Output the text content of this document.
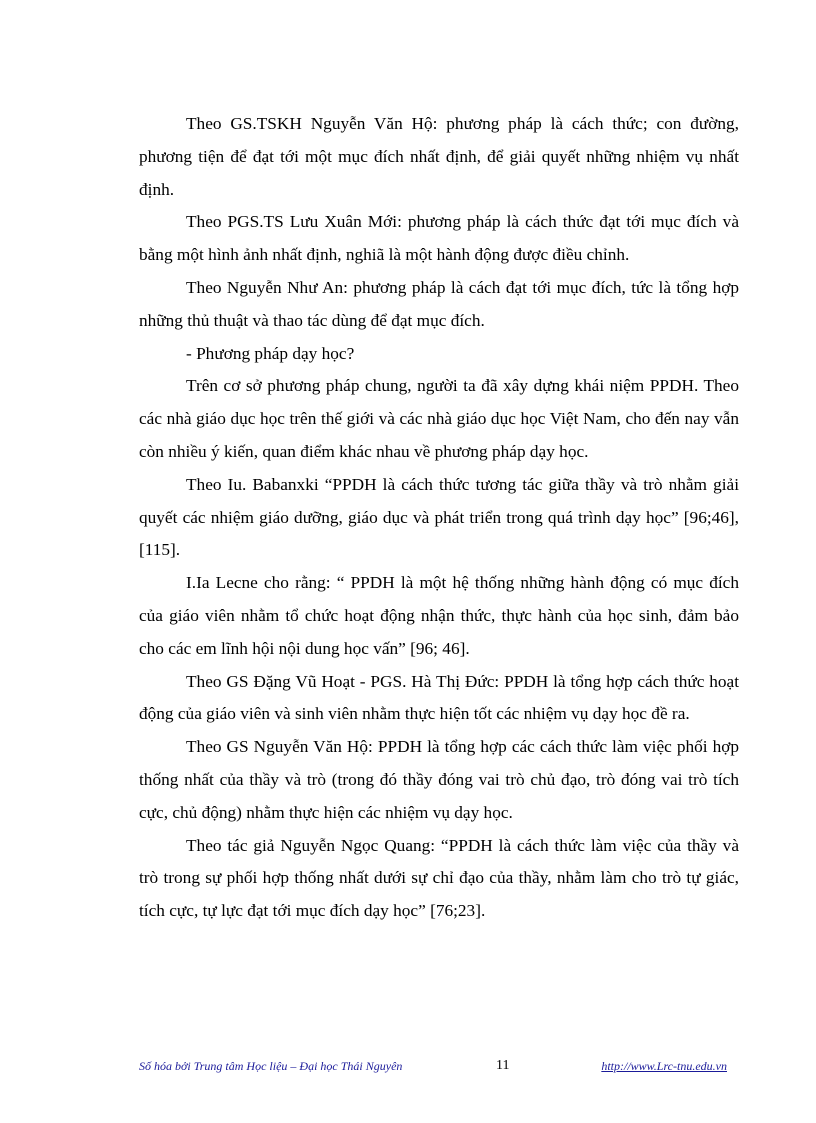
Theo GS.TSKH Nguyễn Văn Hộ: phương pháp là cách thức; con đường, phương tiện để đạt tới một mục đích nhất định, để giải quyết những nhiệm vụ nhất định.

Theo PGS.TS Lưu Xuân Mới: phương pháp là cách thức đạt tới mục đích và bằng một hình ảnh nhất định, nghiã là một hành động được điều chỉnh.

Theo Nguyễn Như An: phương pháp là cách đạt tới mục đích, tức là tổng hợp những thủ thuật và thao tác dùng để đạt mục đích.

- Phương pháp dạy học?

Trên cơ sở phương pháp chung, người ta đã xây dựng khái niệm PPDH. Theo các nhà giáo dục học trên thế giới và các nhà giáo dục học Việt Nam, cho đến nay vẫn còn nhiều ý kiến, quan điểm khác nhau về phương pháp dạy học.

Theo Iu. Babanxki “PPDH là cách thức tương tác giữa thầy và trò nhằm giải quyết các nhiệm giáo dưỡng, giáo dục và phát triển trong quá trình dạy học” [96;46], [115].

I.Ia Lecne cho rằng: “ PPDH là một hệ thống những hành động có mục đích của giáo viên nhằm tổ chức hoạt động nhận thức, thực hành của học sinh, đảm bảo cho các em lĩnh hội nội dung học vấn” [96; 46].

Theo GS Đặng Vũ Hoạt - PGS. Hà Thị Đức: PPDH là tổng hợp cách thức hoạt động của giáo viên và sinh viên nhằm thực hiện tốt các nhiệm vụ dạy học đề ra.

Theo GS Nguyễn Văn Hộ: PPDH là tổng hợp các cách thức làm việc phối hợp thống nhất của thầy và trò (trong đó thầy đóng vai trò chủ đạo, trò đóng vai trò tích cực, chủ động) nhằm thực hiện các nhiệm vụ dạy học.

Theo tác giả Nguyễn Ngọc Quang: “PPDH là cách thức làm việc của thầy và trò trong sự phối hợp thống nhất dưới sự chỉ đạo của thầy, nhằm làm cho trò tự giác, tích cực, tự lực đạt tới mục đích dạy học” [76;23].

Số hóa bởi Trung tâm Học liệu – Đại học Thái Nguyên	11	http://www.Lrc-tnu.edu.vn
